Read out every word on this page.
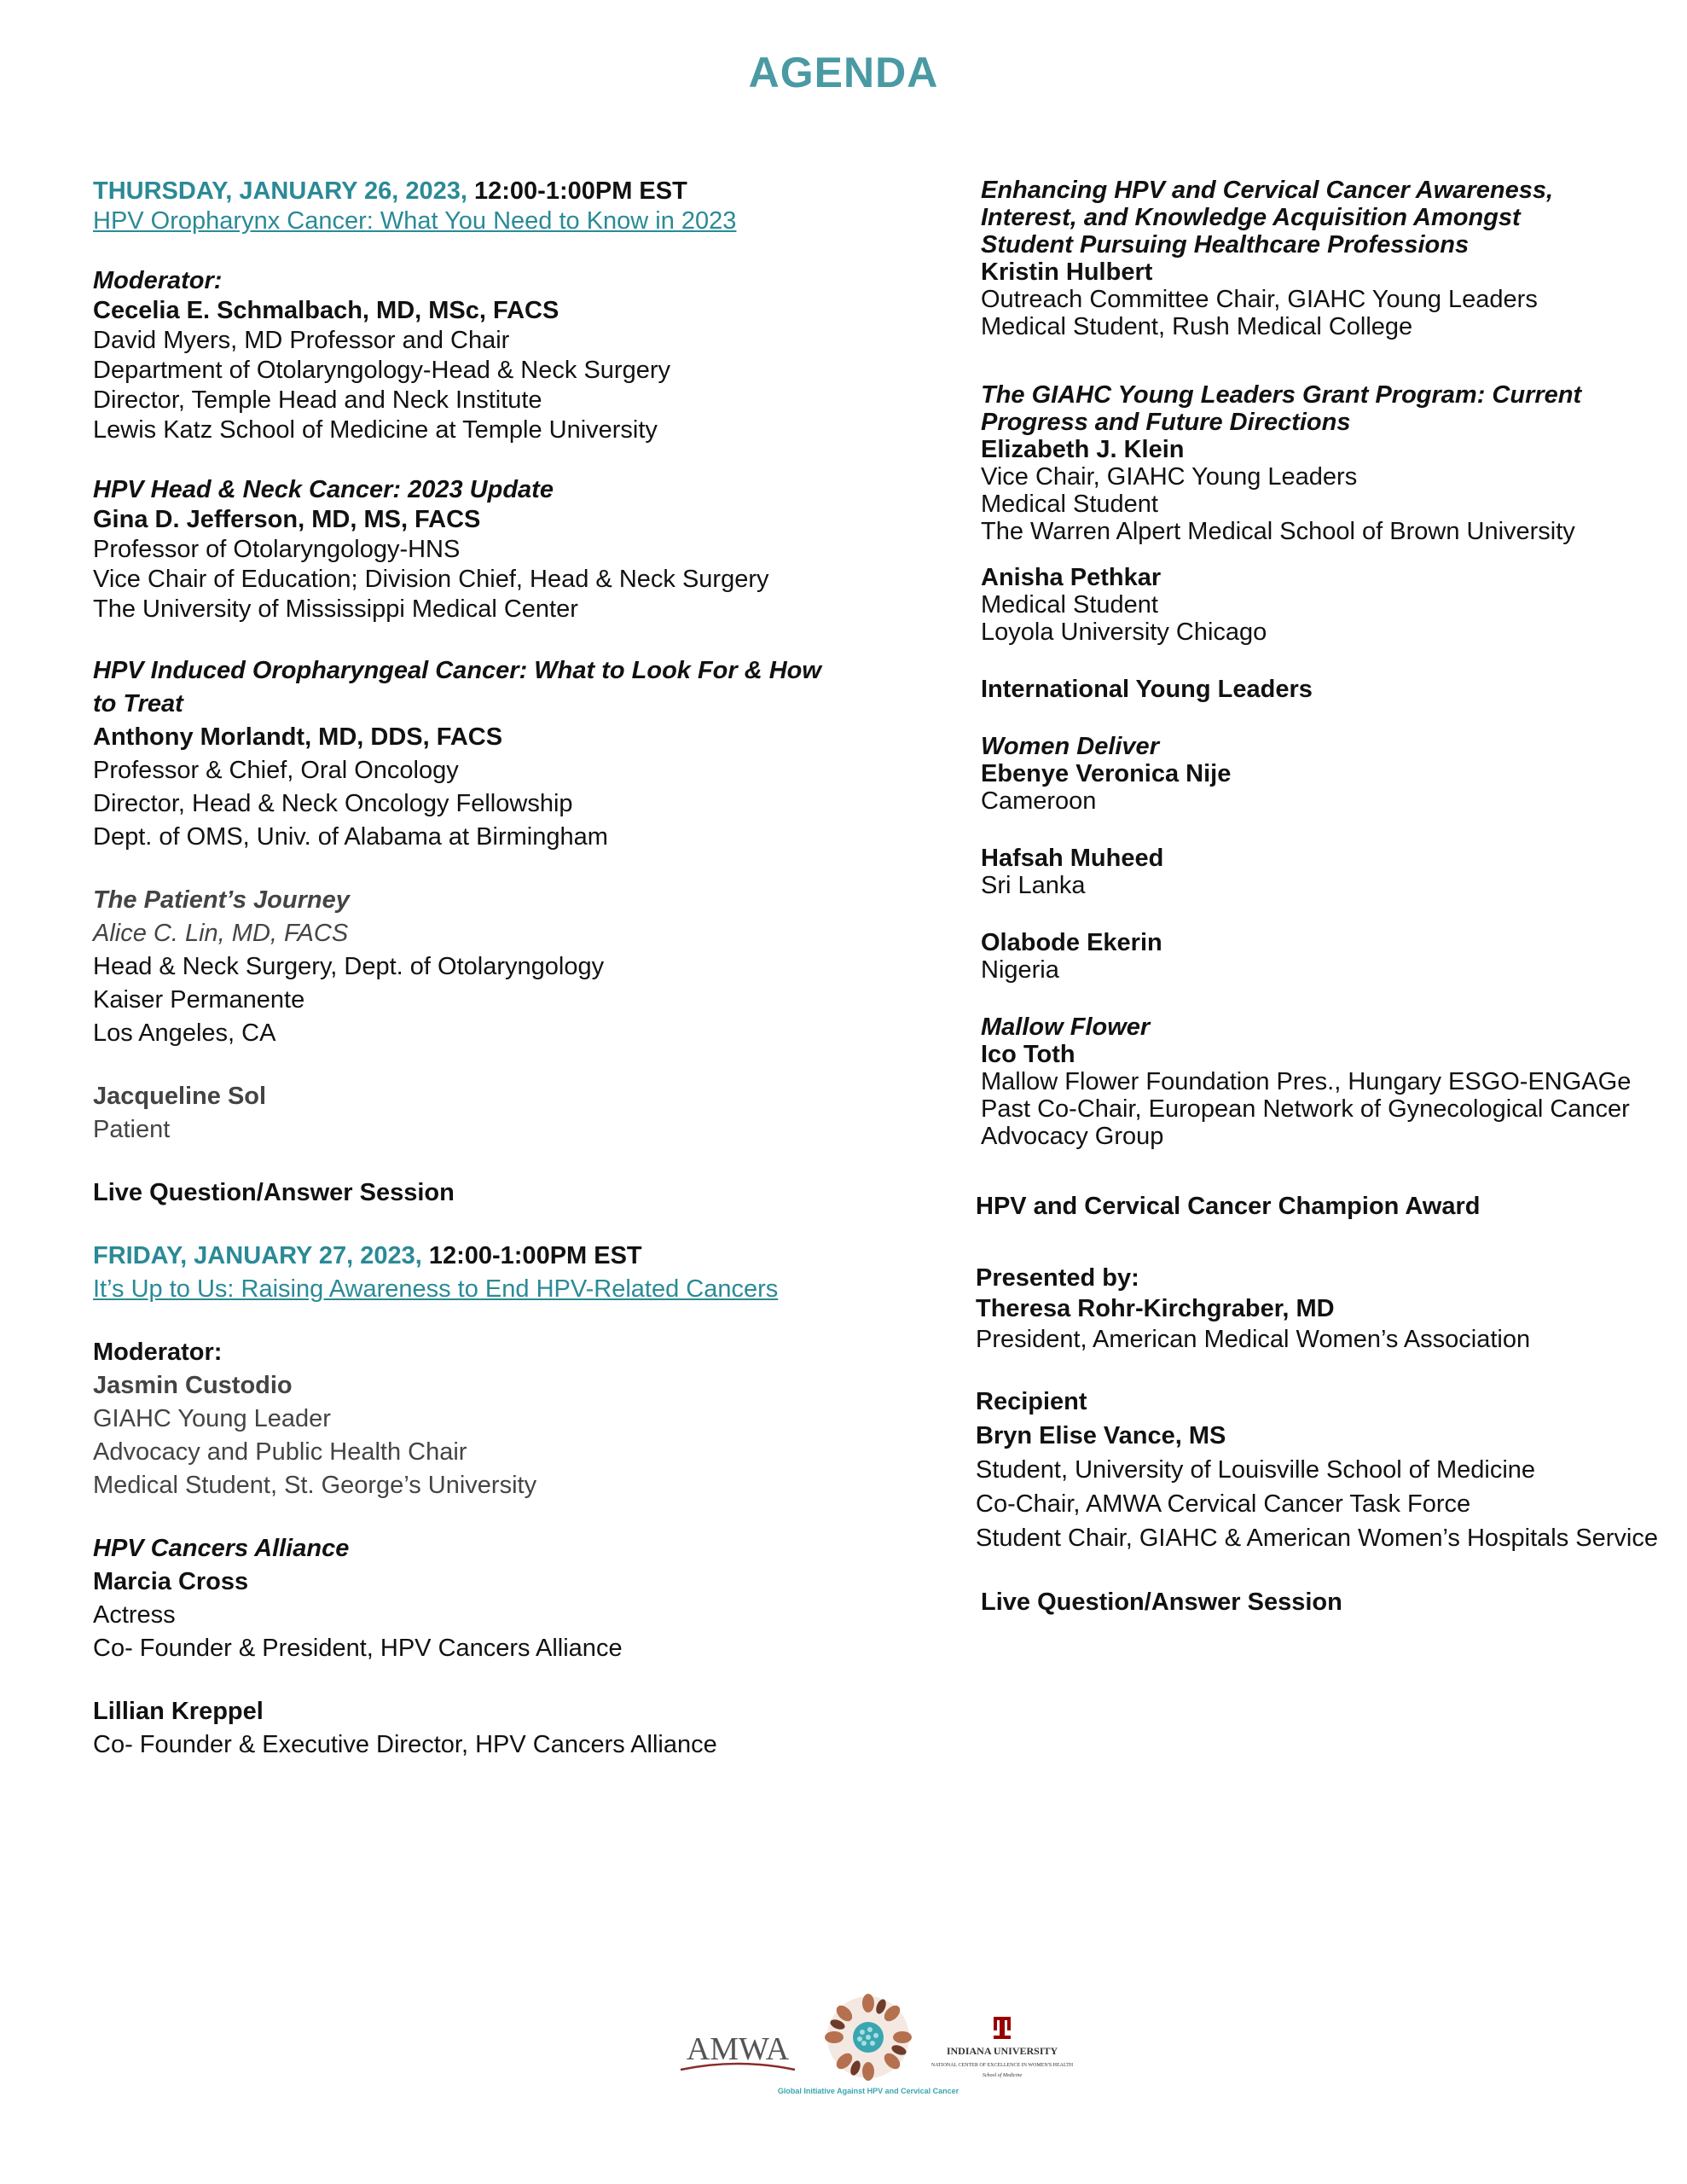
AGENDA
THURSDAY, JANUARY 26, 2023, 12:00-1:00PM EST
HPV Oropharynx Cancer: What You Need to Know in 2023
Moderator:
Cecelia E. Schmalbach, MD, MSc, FACS
David Myers, MD Professor and Chair
Department of Otolaryngology-Head & Neck Surgery
Director, Temple Head and Neck Institute
Lewis Katz School of Medicine at Temple University
HPV Head & Neck Cancer: 2023 Update
Gina D. Jefferson, MD, MS, FACS
Professor of Otolaryngology-HNS
Vice Chair of Education; Division Chief, Head & Neck Surgery
The University of Mississippi Medical Center
HPV Induced Oropharyngeal Cancer: What to Look For & How to Treat
Anthony Morlandt, MD, DDS, FACS
Professor & Chief, Oral Oncology
Director, Head & Neck Oncology Fellowship
Dept. of OMS, Univ. of Alabama at Birmingham
The Patient’s Journey
Alice C. Lin, MD, FACS
Head & Neck Surgery, Dept. of Otolaryngology
Kaiser Permanente
Los Angeles, CA
Jacqueline Sol
Patient
Live Question/Answer Session
FRIDAY, JANUARY 27, 2023, 12:00-1:00PM EST
It’s Up to Us: Raising Awareness to End HPV-Related Cancers
Moderator:
Jasmin Custodio
GIAHC Young Leader
Advocacy and Public Health Chair
Medical Student, St. George’s University
HPV Cancers Alliance
Marcia Cross
Actress
Co- Founder & President, HPV Cancers Alliance
Lillian Kreppel
Co- Founder & Executive Director, HPV Cancers Alliance
Enhancing HPV and Cervical Cancer Awareness,
Interest, and Knowledge Acquisition Amongst
Student Pursuing Healthcare Professions
Kristin Hulbert
Outreach Committee Chair, GIAHC Young Leaders
Medical Student, Rush Medical College
The GIAHC Young Leaders Grant Program: Current
Progress and Future Directions
Elizabeth J. Klein
Vice Chair, GIAHC Young Leaders
Medical Student
The Warren Alpert Medical School of Brown University
Anisha Pethkar
Medical Student
Loyola University Chicago
International Young Leaders
Women Deliver
Ebenye Veronica Nije
Cameroon
Hafsah Muheed
Sri Lanka
Olabode Ekerin
Nigeria
Mallow Flower
Ico Toth
Mallow Flower Foundation Pres., Hungary ESGO-ENGAGe
Past Co-Chair, European Network of Gynecological Cancer
Advocacy Group
HPV and Cervical Cancer Champion Award
Presented by:
Theresa Rohr-Kirchgraber, MD
President, American Medical Women’s Association
Recipient
Bryn Elise Vance, MS
Student, University of Louisville School of Medicine
Co-Chair, AMWA Cervical Cancer Task Force
Student Chair, GIAHC & American Women’s Hospitals Service
Live Question/Answer Session
AMWA
Global Initiative Against HPV and Cervical Cancer
INDIANA UNIVERSITY
NATIONAL CENTER OF EXCELLENCE IN WOMEN'S HEALTH
School of Medicine
